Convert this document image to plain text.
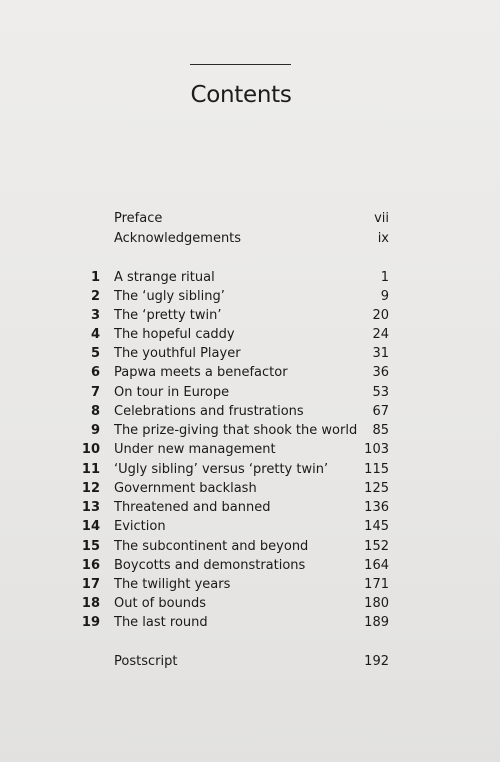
Contents
Preface	vii
Acknowledgements	ix
1 A strange ritual	1
2 The ‘ugly sibling’	9
3 The ‘pretty twin’	20
4 The hopeful caddy	24
5 The youthful Player	31
6 Papwa meets a benefactor	36
7 On tour in Europe	53
8 Celebrations and frustrations	67
9 The prize-giving that shook the world 85
10 Under new management	103
11 ‘Ugly sibling’ versus ‘pretty twin’	115
12 Government backlash	125
13 Threatened and banned	136
14 Eviction	145
15 The subcontinent and beyond	152
16 Boycotts and demonstrations	164
17 The twilight years	171
18 Out of bounds	180
19 The last round	189
Postscript	192
